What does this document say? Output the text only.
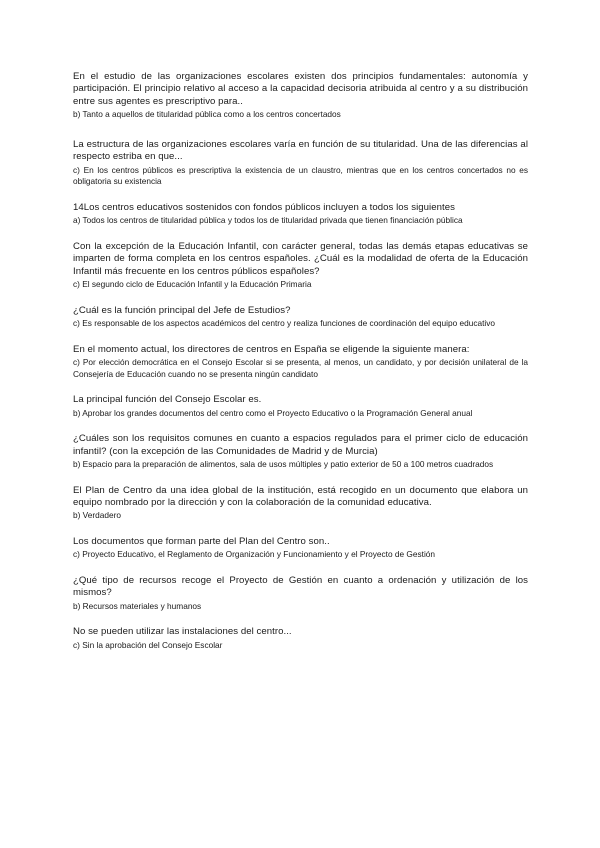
En el estudio de las organizaciones escolares existen dos principios fundamentales: autonomía y participación. El principio relativo al acceso a la capacidad decisoria atribuida al centro y a su distribución entre sus agentes es prescriptivo para..

b) Tanto a aquellos de titularidad pública como a los centros concertados

La estructura de las organizaciones escolares varía en función de su titularidad. Una de las diferencias al respecto estriba en que...

c) En los centros públicos es prescriptiva la existencia de un claustro, mientras que en los centros concertados no es obligatoria su existencia

14Los centros educativos sostenidos con fondos públicos incluyen a todos los siguientes

a) Todos los centros de titularidad pública y todos los de titularidad privada que tienen financiación pública

Con la excepción de la Educación Infantil, con carácter general, todas las demás etapas educativas se imparten de forma completa en los centros españoles. ¿Cuál es la modalidad de oferta de la Educación Infantil más frecuente en los centros públicos españoles?

c) El segundo ciclo de Educación Infantil y la Educación Primaria

¿Cuál es la función principal del Jefe de Estudios?

c) Es responsable de los aspectos académicos del centro y realiza funciones de coordinación del equipo educativo

En el momento actual, los directores de centros en España se eligende la siguiente manera:

c) Por elección democrática en el Consejo Escolar si se presenta, al menos, un candidato, y por decisión unilateral de la Consejería de Educación cuando no se presenta ningún candidato

La principal función del Consejo Escolar es.

b) Aprobar los grandes documentos del centro como el Proyecto Educativo o la Programación General anual

¿Cuáles son los requisitos comunes en cuanto a espacios regulados para el primer ciclo de educación infantil? (con la excepción de las Comunidades de Madrid y de Murcia)

b) Espacio para la preparación de alimentos, sala de usos múltiples y patio exterior de 50 a 100 metros cuadrados

El Plan de Centro da una idea global de la institución, está recogido en un documento que elabora un equipo nombrado por la dirección y con la colaboración de la comunidad educativa.

b) Verdadero

Los documentos que forman parte del Plan del Centro son..

c) Proyecto Educativo, el Reglamento de Organización y Funcionamiento y el Proyecto de Gestión

¿Qué tipo de recursos recoge el Proyecto de Gestión en cuanto a ordenación y utilización de los mismos?

b) Recursos materiales y humanos

No se pueden utilizar las instalaciones del centro...

c) Sin la aprobación del Consejo Escolar
